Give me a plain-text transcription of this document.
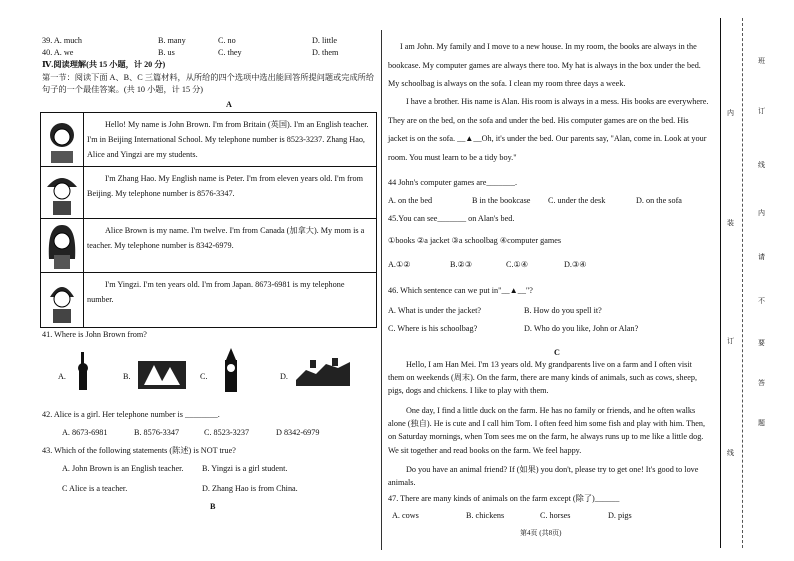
39. A. much	B. many	C. no	D. little
40. A. we	B. us	C. they	D. them
Ⅳ.阅读理解(共 15 小题，计 20 分)
第一节：阅读下面 A、B、C 三篇材料，从所给的四个选项中选出能回答所提问题或完成所给句子的一个最佳答案。(共 10 小题，计 15 分)
A
Hello! My name is John Brown. I'm from Britain (英国). I'm an English teacher. I'm in Beijing International School. My telephone number is 8523-3237. Zhang Hao, Alice and Yingzi are my students.
I'm Zhang Hao. My English name is Peter. I'm from eleven years old. I'm from Beijing. My telephone number is 8576-3347.
Alice Brown is my name. I'm twelve. I'm from Canada (加拿大). My mom is a teacher. My telephone number is 8342-6979.
I'm Yingzi. I'm ten years old. I'm from Japan. 8673-6981 is my telephone number.
41. Where is John Brown from?
A.	B.	C.	D.
42. Alice is a girl. Her telephone number is ________.
A. 8673-6981	B. 8576-3347	C. 8523-3237	D 8342-6979
43. Which of the following statements (陈述) is NOT true?
A. John Brown is an English teacher. B. Yingzi is a girl student.
C Alice is a teacher.	D. Zhang Hao is from China.
B
I am John. My family and I move to a new house. In my room, the books are always in the bookcase. My computer games are always there too. My hat is always in the box under the bed. My schoolbag is always on the sofa. I clean my room three days a week.
I have a brother. His name is Alan. His room is always in a mess. His books are everywhere. They are on the bed, on the sofa and under the bed. His computer games are on the bed. His jacket is on the sofa. __▲__Oh, it's under the bed. Our parents say, "Alan, come in. Look at your room. You must learn to be a tidy boy."
44 John's computer games are_______.
A. on the bed	B in the bookcase C. under the desk	D. on the sofa
45.You can see_______ on Alan's bed.
①books ②a jacket ③a schoolbag ④computer games
A.①②	B.②③	C.①④	D.③④
46. Which sentence can we put in"__▲__"?
A. What is under the jacket?	B. How do you spell it?
C. Where is his schoolbag?	D. Who do you like, John or Alan?
C
Hello, I am Han Mei. I'm 13 years old. My grandparents live on a farm and I often visit them on weekends (周末). On the farm, there are many kinds of animals, such as cows, sheep, pigs, dogs and chickens. I like to play with them.
One day, I find a little duck on the farm. He has no family or friends, and he often walks alone (独自). He is cute and I call him Tom. I often feed him some fish and play with him. Then, on Saturday mornings, when Tom sees me on the farm, he always runs up to me like a little dog. We sit together and read books on the farm. We feel happy.
Do you have an animal friend? If (如果) you don't, please try to get one! It's good to love animals.
47. There are many kinds of animals on the farm except (除了)______
A. cows	B. chickens	C. horses	D. pigs
第4页 (共8页)
内
装
订
线
班
订
线
内
请
不
要
答
题
